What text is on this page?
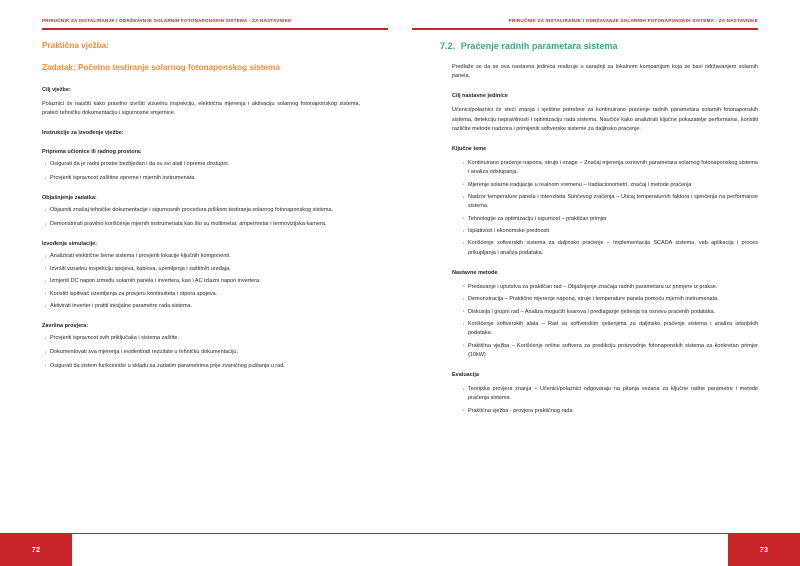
PRIRUČNIK ZA INSTALIRANJE I ODRŽAVANJE SOLARNIH FOTONAPONSKIH SISTEMA - ZA NASTAVNIKE
Praktična vježba:
Zadatak: Početno testiranje solarnog fotonaponskog sistema
Cilj vježbe:

Polaznici će naučiti kako pravilno izvršiti vizuelnu inspekciju, električna mjerenja i aktivaciju solarnog fotonaponskog sistema, prateći tehničku dokumentaciju i sigurnosne smjernice.

Instrukcije za izvođenje vježbe:
Priprema učionice ili radnog prostora:
· Osigurati da je radni prostor bezbjedan i da su svi alati i oprema dostupni.
· Provjeriti ispravnost zaštitne opreme i mjernih instrumenata.
Objašnjenje zadatka:
· Objasniti značaj tehničke dokumentacije i sigurnosnih procedura prilikom testiranja solarnog fotonaponskog sistema.
· Demonstrirati pravilno korišćenje mjernih instrumenata kao što su multimetar, ampermetar i termovizijska kamera.
Izvođenje simulacije:
· Analizirati električne šeme sistema i provjeriti lokacije ključnih komponenti.
· Izvršiti vizuelnu inspekciju spojeva, kablova, uzemljenja i zaštitnih uređaja.
· Izmjeriti DC napon između solarnih panela i invertera, kao i AC izlazni napon invertera.
· Koristiti ispitivač uzemljenja za provjeru kontinuiteta i otpora spojeva.
· Aktivirati inverter i pratiti inicijalne parametre rada sistema.
Završna provjera:
· Provjeriti ispravnost svih priključaka i sistema zaštite.
· Dokumentovati sva mjerenja i evidentirati rezultate u tehničku dokumentaciju.
· Osigurati da sistem funkcioniše u skladu sa zadatim parametrima prije zvaničnog puštanja u rad.
72
PRIRUČNIK ZA INSTALIRANJE I ODRŽAVANJE SOLARNIH FOTONAPONSKIH SISTEMA - ZA NASTAVNIKE
7.2. Praćenje radnih parametara sistema

Predlaže se da se ova nastavna jedinica realizuje u saradnji sa lokalnom kompanijom koja se bavi održavanjem solarnih panela.

Cilj nastavne jedinice

Učenici/polaznici će steći znanja i vještine potrebne za kontinuirano praćenje radnih parametara solarnih fotonaponskih sistema, detekciju nepravilnosti i optimizaciju rada sistema. Naučiće kako analizirati ključne pokazatelje performansi, koristiti različite metode nadzora i primijeniti softverske sisteme za daljinsko praćenje.

Ključne teme
· Kontinuirano praćenje napona, struje i snage – Značaj mjerenja osnovnih parametara solarnog fotonaponskog sistema i analiza odstupanja.
· Mjerenje solarne iradijacije u realnom vremenu – Iradiacionometri, značaj i metode praćenja
· Nadzor temperature panela i intenziteta Sunčevog zračenja – Uticaj temperaturnih faktora i sjenčenja na performanse sistema.
· Tehnologije za optimizaciju i sigurnost – praktičan primjer
· Isplativost i ekonomske prednosti
· Korišćenje softverskih sistema za daljinsko praćenje – Implementacija SCADA sistema, veb aplikacija i proces prikupljanja i analiza podataka.
Nastavne metode
· Predavanje i uputstva za praktičan rad – Objašnjenje značaja radnih parametara uz primjere iz prakse.
· Demonstracija – Praktično mjerenje napona, struje i temperature panela pomoću mjernih instrumenata.
· Diskusija i grupni rad – Analiza mogućih kvarova i predlaganje rješenja na osnovu praćenih podataka.
· Korišćenje softverskih alata – Rad sa softverskim rješenjima za daljinsko praćenje sistema i analiza istorijskih podataka.
· Praktična vježba – Korišćenje online softvera za predikciju proizvodnje fotonaponskih sistema za konkretan primjer (10kW)
Evaluacija
· Teorijska provjera znanja – Učenici/polaznici odgovaraju na pitanja vezana za ključne radne parametre i metode praćenja sistema.
· Praktična vježba - provjera praktičnog rada
73
